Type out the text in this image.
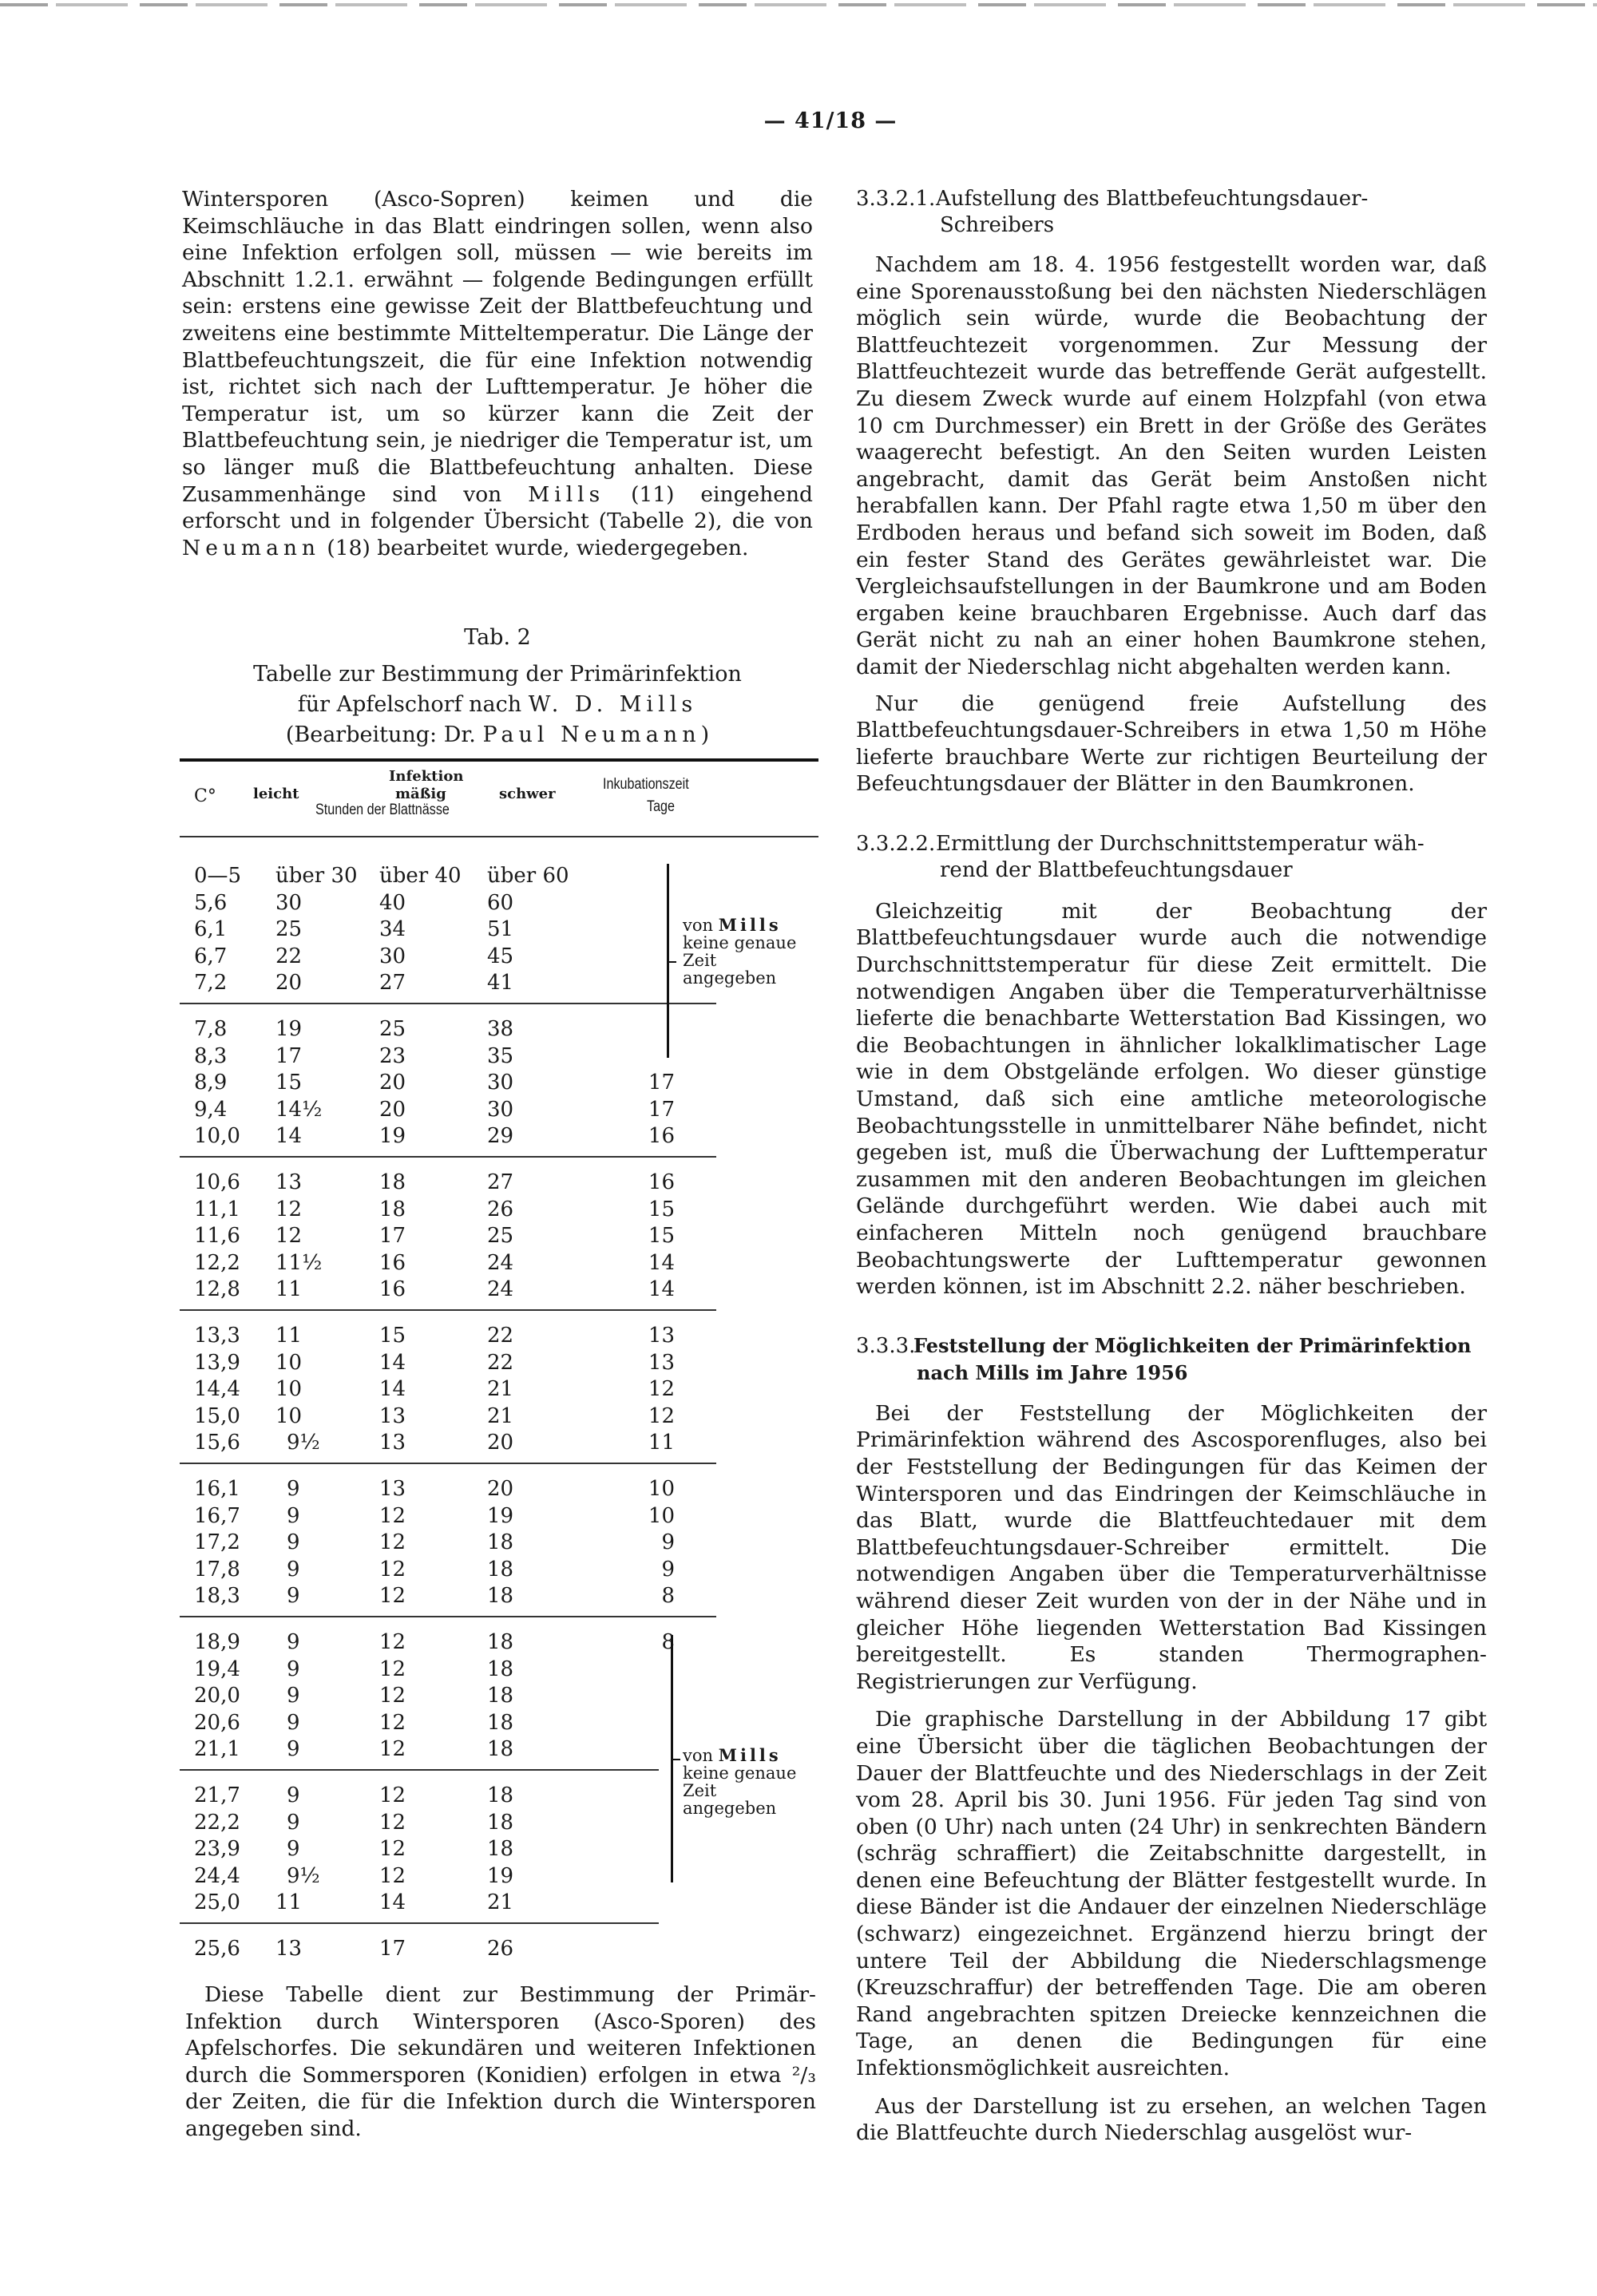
— 41/18 —

Wintersporen (Asco-Sopren) keimen und die Keimschläuche in das Blatt eindringen sollen, wenn also eine Infektion erfolgen soll, müssen — wie bereits im Abschnitt 1.2.1. erwähnt — folgende Bedingungen erfüllt sein: erstens eine gewisse Zeit der Blattbefeuchtung und zweitens eine bestimmte Mitteltemperatur. Die Länge der Blattbefeuchtungszeit, die für eine Infektion notwendig ist, richtet sich nach der Lufttemperatur. Je höher die Temperatur ist, um so kürzer kann die Zeit der Blattbefeuchtung sein, je niedriger die Temperatur ist, um so länger muß die Blattbefeuchtung anhalten. Diese Zusammenhänge sind von Mills (11) eingehend erforscht und in folgender Übersicht (Tabelle 2), die von Neumann (18) bearbeitet wurde, wiedergegeben.

Tab. 2
Tabelle zur Bestimmung der Primärinfektion
für Apfelschorf nach W. D. Mills
(Bearbeitung: Dr. Paul Neumann)
C°
Infektion
leicht	mäßig	schwer
Stunden der Blattnässe
Inkubationszeit
Tage
0—5 über 30 über 40 über 60
5,6 30	40	60
6,1 25	34	51
6,7 22	30	45
7,2 20	27	41
7,8 19	25	38
8,3 17	23	35
8,9 15	20	30	17
9,4 14½	20	30	17
10,0 14	19	29	16
10,6 13	18	27	16
11,1 12	18	26	15
11,6 12	17	25	15
12,2 11½	16	24	14
12,8 11	16	24	14
13,3 11	15	22	13
13,9 10	14	22	13
14,4 10	14	21	12
15,0 10	13	21	12
15,6	9½	13	20	11
16,1	9	13	20	10
16,7	9	12	19	10
17,2	9	12	18	9
17,8	9	12	18	9
18,3	9	12	18	8
18,9	9	12	18	8
19,4	9	12	18
20,0	9	12	18
20,6	9	12	18
21,1	9	12	18
21,7	9	12	18
22,2	9	12	18
23,9	9	12	18
24,4	9½	12	19
25,0 11	14	21
25,6 13	17	26
von Mills
keine genaue
Zeit
angegeben
von Mills
keine genaue
Zeit
angegeben
Diese Tabelle dient zur Bestimmung der Primär-Infektion durch Wintersporen (Asco-Sporen) des Apfelschorfes. Die sekundären und weiteren Infektionen durch die Sommersporen (Konidien) erfolgen in etwa ²/₃ der Zeiten, die für die Infektion durch die Wintersporen angegeben sind.
3.3.2.1.Aufstellung des Blattbefeuchtungsdauer-
Schreibers

Nachdem am 18. 4. 1956 festgestellt worden war, daß eine Sporenausstoßung bei den nächsten Niederschlägen möglich sein würde, wurde die Beobachtung der Blattfeuchtezeit vorgenommen. Zur Messung der Blattfeuchtezeit wurde das betreffende Gerät aufgestellt. Zu diesem Zweck wurde auf einem Holzpfahl (von etwa 10 cm Durchmesser) ein Brett in der Größe des Gerätes waagerecht befestigt. An den Seiten wurden Leisten angebracht, damit das Gerät beim Anstoßen nicht herabfallen kann. Der Pfahl ragte etwa 1,50 m über den Erdboden heraus und befand sich soweit im Boden, daß ein fester Stand des Gerätes gewährleistet war. Die Vergleichsaufstellungen in der Baumkrone und am Boden ergaben keine brauchbaren Ergebnisse. Auch darf das Gerät nicht zu nah an einer hohen Baumkrone stehen, damit der Niederschlag nicht abgehalten werden kann.

Nur die genügend freie Aufstellung des Blattbefeuchtungsdauer-Schreibers in etwa 1,50 m Höhe lieferte brauchbare Werte zur richtigen Beurteilung der Befeuchtungsdauer der Blätter in den Baumkronen.

3.3.2.2.Ermittlung der Durchschnittstemperatur wäh-
rend der Blattbefeuchtungsdauer

Gleichzeitig mit der Beobachtung der Blattbefeuchtungsdauer wurde auch die notwendige Durchschnittstemperatur für diese Zeit ermittelt. Die notwendigen Angaben über die Temperaturverhältnisse lieferte die benachbarte Wetterstation Bad Kissingen, wo die Beobachtungen in ähnlicher lokalklimatischer Lage wie in dem Obstgelände erfolgen. Wo dieser günstige Umstand, daß sich eine amtliche meteorologische Beobachtungsstelle in unmittelbarer Nähe befindet, nicht gegeben ist, muß die Überwachung der Lufttemperatur zusammen mit den anderen Beobachtungen im gleichen Gelände durchgeführt werden. Wie dabei auch mit einfacheren Mitteln noch genügend brauchbare Beobachtungswerte der Lufttemperatur gewonnen werden können, ist im Abschnitt 2.2. näher beschrieben.

3.3.3.Feststellung der Möglichkeiten der Primärinfektion
nach Mills im Jahre 1956

Bei der Feststellung der Möglichkeiten der Primärinfektion während des Ascosporenfluges, also bei der Feststellung der Bedingungen für das Keimen der Wintersporen und das Eindringen der Keimschläuche in das Blatt, wurde die Blattfeuchtedauer mit dem Blattbefeuchtungsdauer-Schreiber ermittelt. Die notwendigen Angaben über die Temperaturverhältnisse während dieser Zeit wurden von der in der Nähe und in gleicher Höhe liegenden Wetterstation Bad Kissingen bereitgestellt. Es standen Thermographen-Registrierungen zur Verfügung.

Die graphische Darstellung in der Abbildung 17 gibt eine Übersicht über die täglichen Beobachtungen der Dauer der Blattfeuchte und des Niederschlags in der Zeit vom 28. April bis 30. Juni 1956. Für jeden Tag sind von oben (0 Uhr) nach unten (24 Uhr) in senkrechten Bändern (schräg schraffiert) die Zeitabschnitte dargestellt, in denen eine Befeuchtung der Blätter festgestellt wurde. In diese Bänder ist die Andauer der einzelnen Niederschläge (schwarz) eingezeichnet. Ergänzend hierzu bringt der untere Teil der Abbildung die Niederschlagsmenge (Kreuzschraffur) der betreffenden Tage. Die am oberen Rand angebrachten spitzen Dreiecke kennzeichnen die Tage, an denen die Bedingungen für eine Infektionsmöglichkeit ausreichten.

Aus der Darstellung ist zu ersehen, an welchen Tagen die Blattfeuchte durch Niederschlag ausgelöst wur-
